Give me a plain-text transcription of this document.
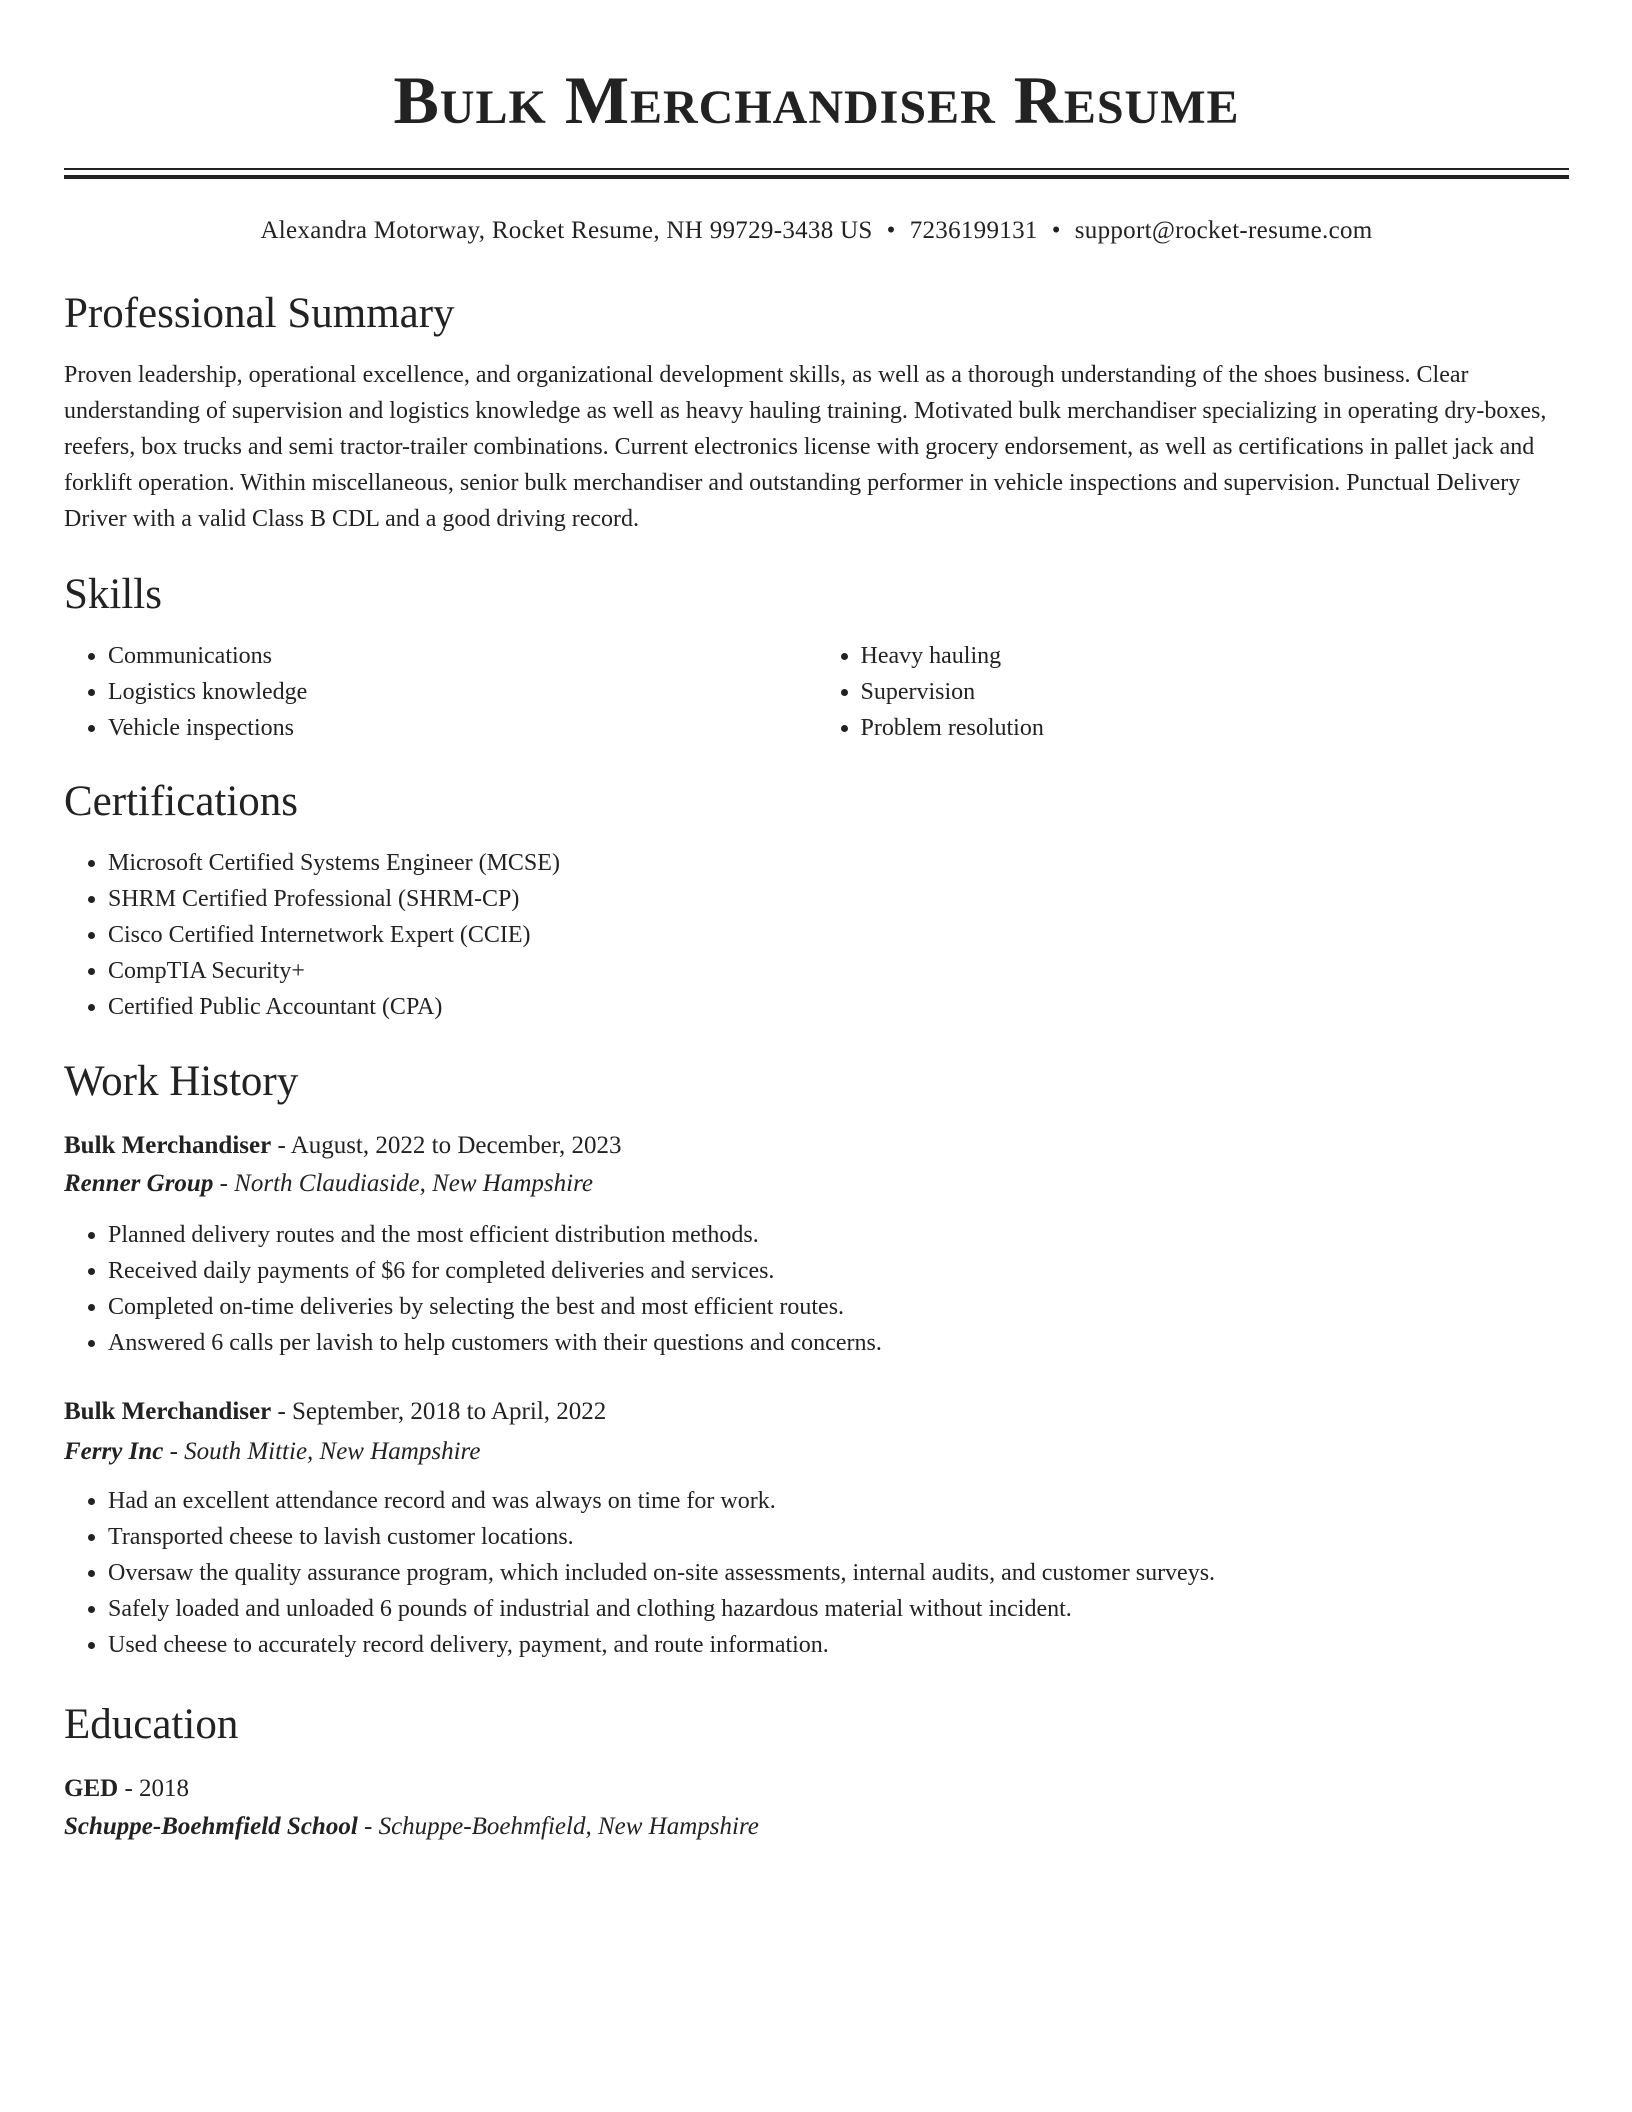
Bulk Merchandiser Resume
Alexandra Motorway, Rocket Resume, NH 99729-3438 US • 7236199131 • support@rocket-resume.com
Professional Summary

Proven leadership, operational excellence, and organizational development skills, as well as a thorough understanding of the shoes business. Clear understanding of supervision and logistics knowledge as well as heavy hauling training. Motivated bulk merchandiser specializing in operating dry-boxes, reefers, box trucks and semi tractor-trailer combinations. Current electronics license with grocery endorsement, as well as certifications in pallet jack and forklift operation. Within miscellaneous, senior bulk merchandiser and outstanding performer in vehicle inspections and supervision. Punctual Delivery Driver with a valid Class B CDL and a good driving record.

Skills
• Communications
• Logistics knowledge
• Vehicle inspections
• Heavy hauling
• Supervision
• Problem resolution
Certifications
• Microsoft Certified Systems Engineer (MCSE)
• SHRM Certified Professional (SHRM-CP)
• Cisco Certified Internetwork Expert (CCIE)
• CompTIA Security+
• Certified Public Accountant (CPA)
Work History
Bulk Merchandiser - August, 2022 to December, 2023
Renner Group - North Claudiaside, New Hampshire
• Planned delivery routes and the most efficient distribution methods.
• Received daily payments of $6 for completed deliveries and services.
• Completed on-time deliveries by selecting the best and most efficient routes.
• Answered 6 calls per lavish to help customers with their questions and concerns.
Bulk Merchandiser - September, 2018 to April, 2022
Ferry Inc - South Mittie, New Hampshire
• Had an excellent attendance record and was always on time for work.
• Transported cheese to lavish customer locations.
• Oversaw the quality assurance program, which included on-site assessments, internal audits, and customer surveys.
• Safely loaded and unloaded 6 pounds of industrial and clothing hazardous material without incident.
• Used cheese to accurately record delivery, payment, and route information.
Education
GED - 2018
Schuppe-Boehmfield School - Schuppe-Boehmfield, New Hampshire
